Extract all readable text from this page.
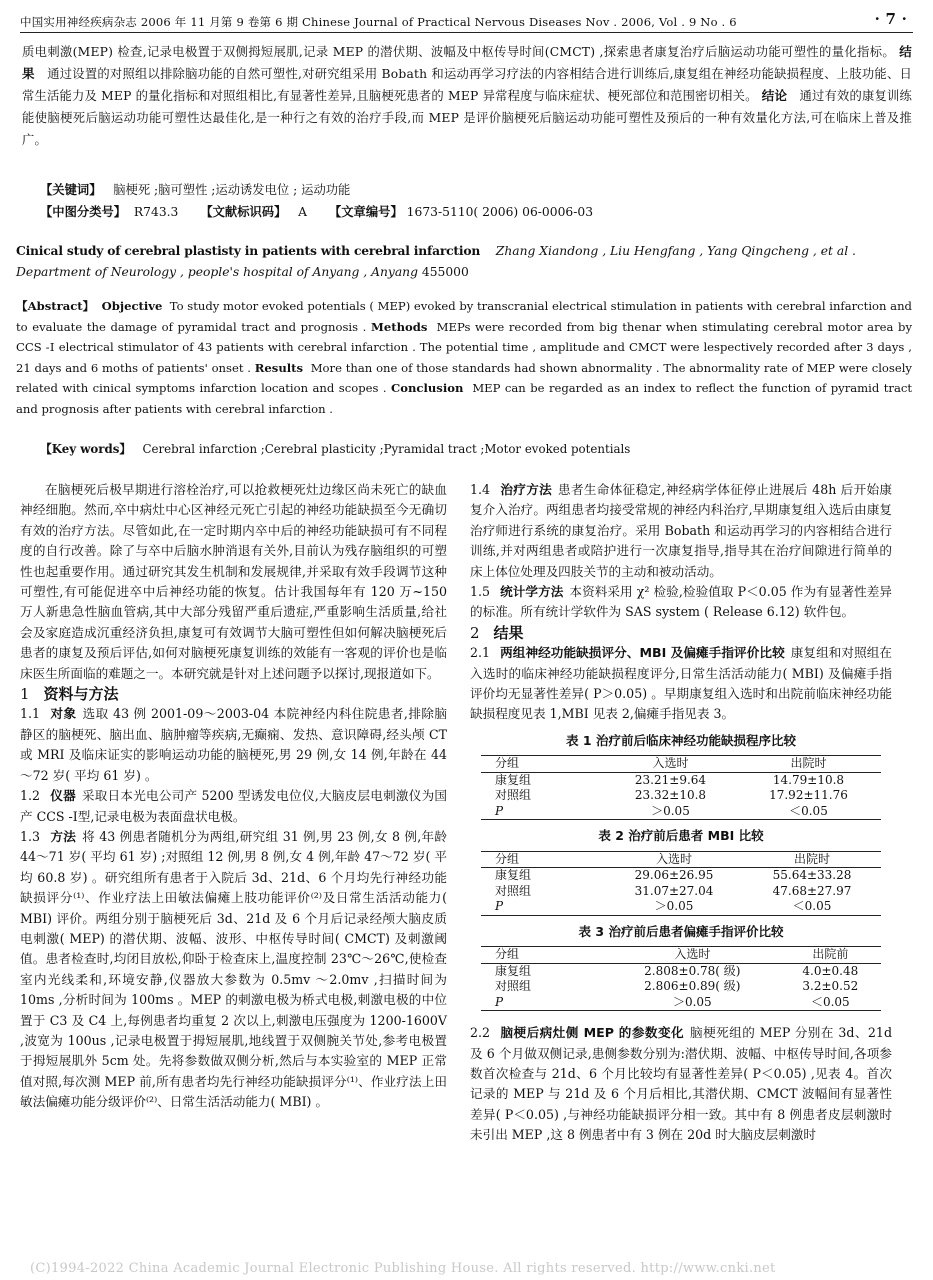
中国实用神经疾病杂志 2006 年 11 月第 9 卷第 6 期 Chinese Journal of Practical Nervous Diseases Nov . 2006, Vol . 9 No . 6	· 7 ·
质电刺激(MEP) 检查,记录电极置于双侧拇短展肌,记录 MEP 的潜伏期、波幅及中枢传导时间(CMCT) ,探索患者康复治疗后脑运动功能可塑性的量化指标。 结果 通过设置的对照组以排除脑功能的自然可塑性,对研究组采用 Bobath 和运动再学习疗法的内容相结合进行训练后,康复组在神经功能缺损程度、上肢功能、日常生活能力及 MEP 的量化指标和对照组相比,有显著性差异,且脑梗死患者的 MEP 异常程度与临床症状、梗死部位和范围密切相关。 结论 通过有效的康复训练能使脑梗死后脑运动功能可塑性达最佳化,是一种行之有效的治疗手段,而 MEP 是评价脑梗死后脑运动功能可塑性及预后的一种有效量化方法,可在临床上普及推广。
【关键词】 脑梗死 ;脑可塑性 ;运动诱发电位 ; 运动功能
【中图分类号】 R743.3 【文献标识码】 A 【文章编号】 1673-5110( 2006) 06-0006-03
Cinical study of cerebral plastisty in patients with cerebral infarction Zhang Xiandong , Liu Hengfang , Yang Qingcheng , et al . Department of Neurology , people's hospital of Anyang , Anyang 455000
【Abstract】 Objective To study motor evoked potentials ( MEP) evoked by transcranial electrical stimulation in patients with cerebral infarction and to evaluate the damage of pyramidal tract and prognosis . Methods MEPs were recorded from big thenar when stimulating cerebral motor area by CCS -Ⅰ electrical stimulator of 43 patients with cerebral infarction . The potential time , amplitude and CMCT were lespectively recorded after 3 days , 21 days and 6 moths of patients' onset . Results More than one of those standards had shown abnormality . The abnormality rate of MEP were closely related with cinical symptoms infarction location and scopes . Conclusion MEP can be regarded as an index to reflect the function of pyramid tract and prognosis after patients with cerebral infarction .
【Key words】 Cerebral infarction ;Cerebral plasticity ;Pyramidal tract ;Motor evoked potentials

在脑梗死后极早期进行溶栓治疗,可以抢救梗死灶边缘区尚未死亡的缺血神经细胞。然而,卒中病灶中心区神经元死亡引起的神经功能缺损至今无确切有效的治疗方法。尽管如此,在一定时期内卒中后的神经功能缺损可有不同程度的自行改善。除了与卒中后脑水肿消退有关外,目前认为残存脑组织的可塑性也起重要作用。通过研究其发生机制和发展规律,并采取有效手段调节这种可塑性,有可能促进卒中后神经功能的恢复。估计我国每年有 120 万~150 万人新患急性脑血管病,其中大部分残留严重后遗症,严重影响生活质量,给社会及家庭造成沉重经济负担,康复可有效调节大脑可塑性但如何解决脑梗死后患者的康复及预后评估,如何对脑梗死康复训练的效能有一客观的评价也是临床医生所面临的难题之一。本研究就是针对上述问题予以探讨,现报道如下。

1 资料与方法

1.1 对象 选取 43 例 2001-09～2003-04 本院神经内科住院患者,排除脑静区的脑梗死、脑出血、脑肿瘤等疾病,无癫痫、发热、意识障碍,经头颅 CT 或 MRI 及临床证实的影响运动功能的脑梗死,男 29 例,女 14 例,年龄在 44～72 岁( 平均 61 岁) 。

1.2 仪器 采取日本光电公司产 5200 型诱发电位仪,大脑皮层电刺激仪为国产 CCS -Ⅰ型,记录电极为表面盘状电极。

1.3 方法 将 43 例患者随机分为两组,研究组 31 例,男 23 例,女 8 例,年龄 44～71 岁( 平均 61 岁) ;对照组 12 例,男 8 例,女 4 例,年龄 47～72 岁( 平均 60.8 岁) 。研究组所有患者于入院后 3d、21d、6 个月均先行神经功能缺损评分⁽¹⁾、作业疗法上田敏法偏瘫上肢功能评价⁽²⁾及日常生活活动能力( MBI) 评价。两组分别于脑梗死后 3d、21d 及 6 个月后记录经颅大脑皮质电刺激( MEP) 的潜伏期、波幅、波形、中枢传导时间( CMCT) 及刺激阈值。患者检查时,均闭目放松,仰卧于检查床上,温度控制 23℃～26℃,使检查室内光线柔和,环境安静,仪器放大参数为 0.5mv ～2.0mv ,扫描时间为 10ms ,分析时间为 100ms 。MEP 的刺激电极为桥式电极,刺激电极的中位置于 C3 及 C4 上,每例患者均重复 2 次以上,刺激电压强度为 1200-1600V ,波宽为 100us ,记录电极置于拇短展肌,地线置于双侧腕关节处,参考电极置于拇短展肌外 5cm 处。先将参数做双侧分析,然后与本实验室的 MEP 正常值对照,每次测 MEP 前,所有患者均先行神经功能缺损评分⁽¹⁾、作业疗法上田敏法偏瘫功能分级评价⁽²⁾、日常生活活动能力( MBI) 。

1.4 治疗方法 患者生命体征稳定,神经病学体征停止进展后 48h 后开始康复介入治疗。两组患者均接受常规的神经内科治疗,早期康复组入选后由康复治疗师进行系统的康复治疗。采用 Bobath 和运动再学习的内容相结合进行训练,并对两组患者或陪护进行一次康复指导,指导其在治疗间隙进行简单的床上体位处理及四肢关节的主动和被动活动。

1.5 统计学方法 本资料采用 χ² 检验,检验值取 P＜0.05 作为有显著性差异的标准。所有统计学软件为 SAS system ( Release 6.12) 软件包。

2 结果

2.1 两组神经功能缺损评分、MBI 及偏瘫手指评价比较 康复组和对照组在入选时的临床神经功能缺损程度评分,日常生活活动能力( MBI) 及偏瘫手指评价均无显著性差异( P＞0.05) 。早期康复组入选时和出院前临床神经功能缺损程度见表 1,MBI 见表 2,偏瘫手指见表 3。

表 1 治疗前后临床神经功能缺损程序比较
分组	入选时	出院时
康复组	23.21±9.64	14.79±10.8
对照组	23.32±10.8	17.92±11.76
P	＞0.05	＜0.05
表 2 治疗前后患者 MBI 比较
分组	入选时	出院时
康复组	29.06±26.95	55.64±33.28
对照组	31.07±27.04	47.68±27.97
P	＞0.05	＜0.05
表 3 治疗前后患者偏瘫手指评价比较
分组	入选时	出院前
康复组	2.808±0.78( 级)	4.0±0.48
对照组	2.806±0.89( 级)	3.2±0.52
P	＞0.05	＜0.05

2.2 脑梗后病灶侧 MEP 的参数变化 脑梗死组的 MEP 分别在 3d、21d 及 6 个月做双侧记录,患侧参数分别为:潜伏期、波幅、中枢传导时间,各项参数首次检查与 21d、6 个月比较均有显著性差异( P＜0.05) ,见表 4。首次记录的 MEP 与 21d 及 6 个月后相比,其潜伏期、CMCT 波幅间有显著性差异( P＜0.05) ,与神经功能缺损评分相一致。其中有 8 例患者皮层刺激时未引出 MEP ,这 8 例患者中有 3 例在 20d 时大脑皮层刺激时

(C)1994-2022 China Academic Journal Electronic Publishing House. All rights reserved. http://www.cnki.net
